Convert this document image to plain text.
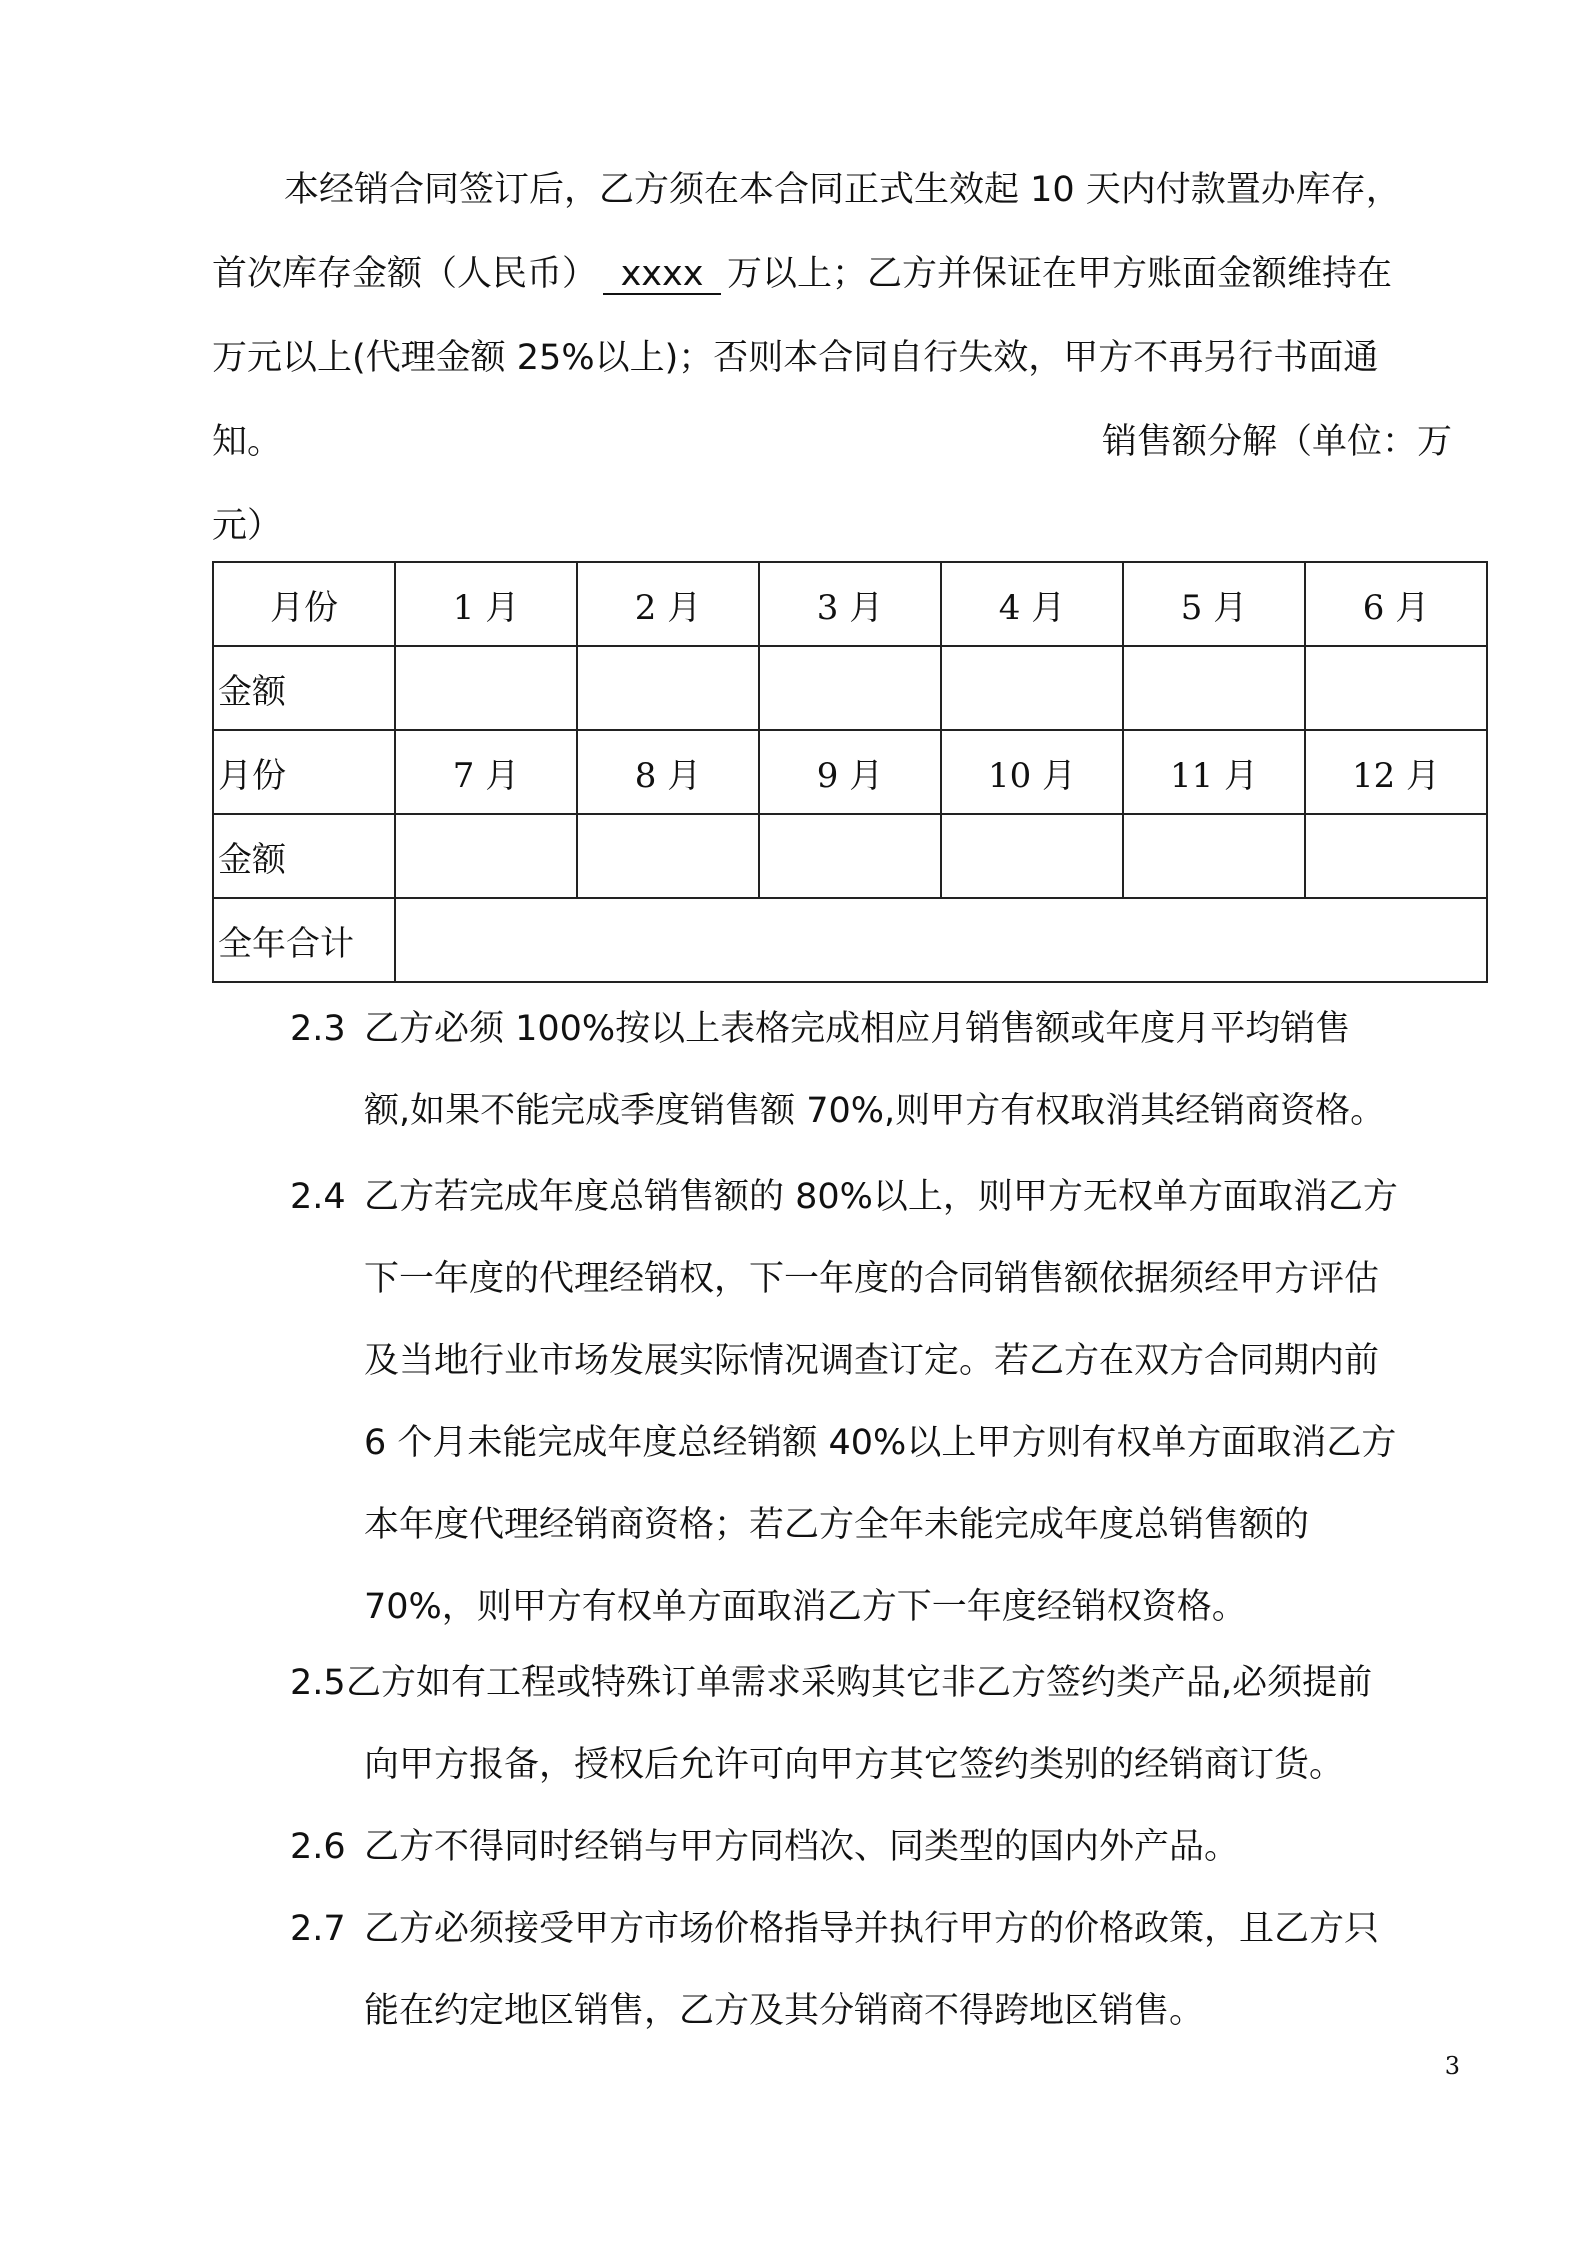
本经销合同签订后，乙方须在本合同正式生效起 10 天内付款置办库存，

首次库存金额（人民币） xxxx 万以上；乙方并保证在甲方账面金额维持在

万元以上(代理金额 25%以上)；否则本合同自行失效，甲方不再另行书面通

知。	销售额分解（单位：万

元）

月份	1 月	2 月	3 月	4 月	5 月	6 月
金额						
月份	7 月	8 月	9 月	10 月	11 月	12 月
金额						
全年合计						
2.3 乙方必须 100%按以上表格完成相应月销售额或年度月平均销售
额,如果不能完成季度销售额 70%,则甲方有权取消其经销商资格。
2.4 乙方若完成年度总销售额的 80%以上，则甲方无权单方面取消乙方
下一年度的代理经销权，下一年度的合同销售额依据须经甲方评估
及当地行业市场发展实际情况调查订定。若乙方在双方合同期内前
6 个月未能完成年度总经销额 40%以上甲方则有权单方面取消乙方
本年度代理经销商资格；若乙方全年未能完成年度总销售额的
70%，则甲方有权单方面取消乙方下一年度经销权资格。
2.5 乙方如有工程或特殊订单需求采购其它非乙方签约类产品,必须提前
向甲方报备，授权后允许可向甲方其它签约类别的经销商订货。
2.6 乙方不得同时经销与甲方同档次、同类型的国内外产品。
2.7 乙方必须接受甲方市场价格指导并执行甲方的价格政策，且乙方只
能在约定地区销售，乙方及其分销商不得跨地区销售。
3
